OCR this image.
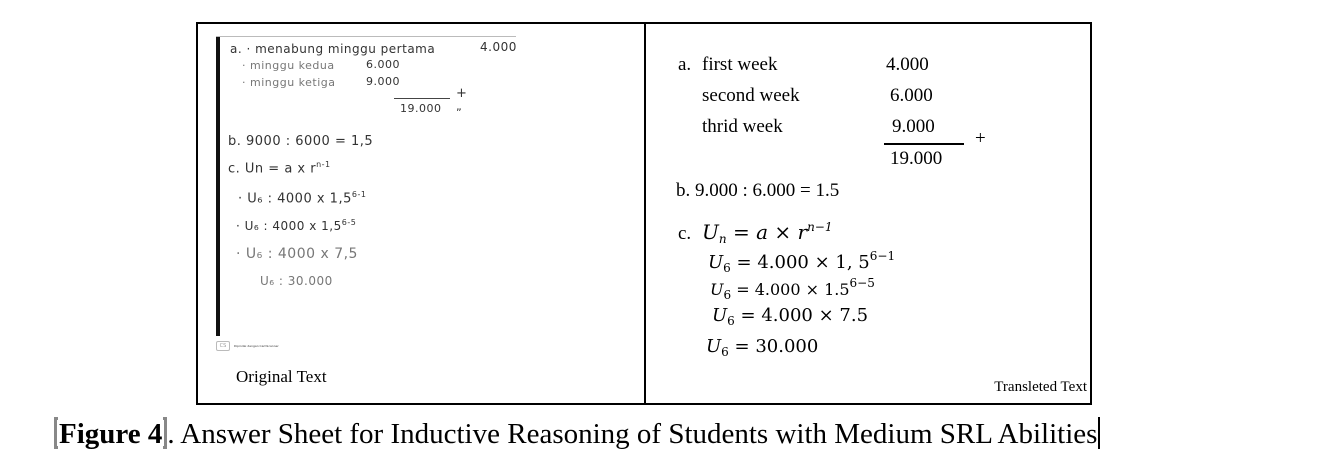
a. · menabung minggu pertama	4.000
· minggu kedua	6.000
· minggu ketiga	9.000
+
19.000 „
b. 9000 : 6000 = 1,5
c. Un = a x $r^{n-1}$
· U₆ : 4000 x $1,5^{6-1}$
· U₆ : 4000 x $1,5^{6-5}$
· U₆ : 4000 x 7,5
U₆ : 30.000
CS	Dipindai dengan CamScanner
Original Text
a. first week	4.000
second week	6.000
thrid week	9.000
+
19.000
b. 9.000 : 6.000 = 1.5
c. $U_n = a \times r^{n-1}$
$U_6 = 4.000 \times 1$, $5^{6-1}$
$U_6 = 4.000 \times 1.5^{6-5}$
$U_6 = 4.000 \times 7.5$
$U_6 = 30.000$
Transleted Text
Figure 4 . Answer Sheet for Inductive Reasoning of Students with Medium SRL Abilities
